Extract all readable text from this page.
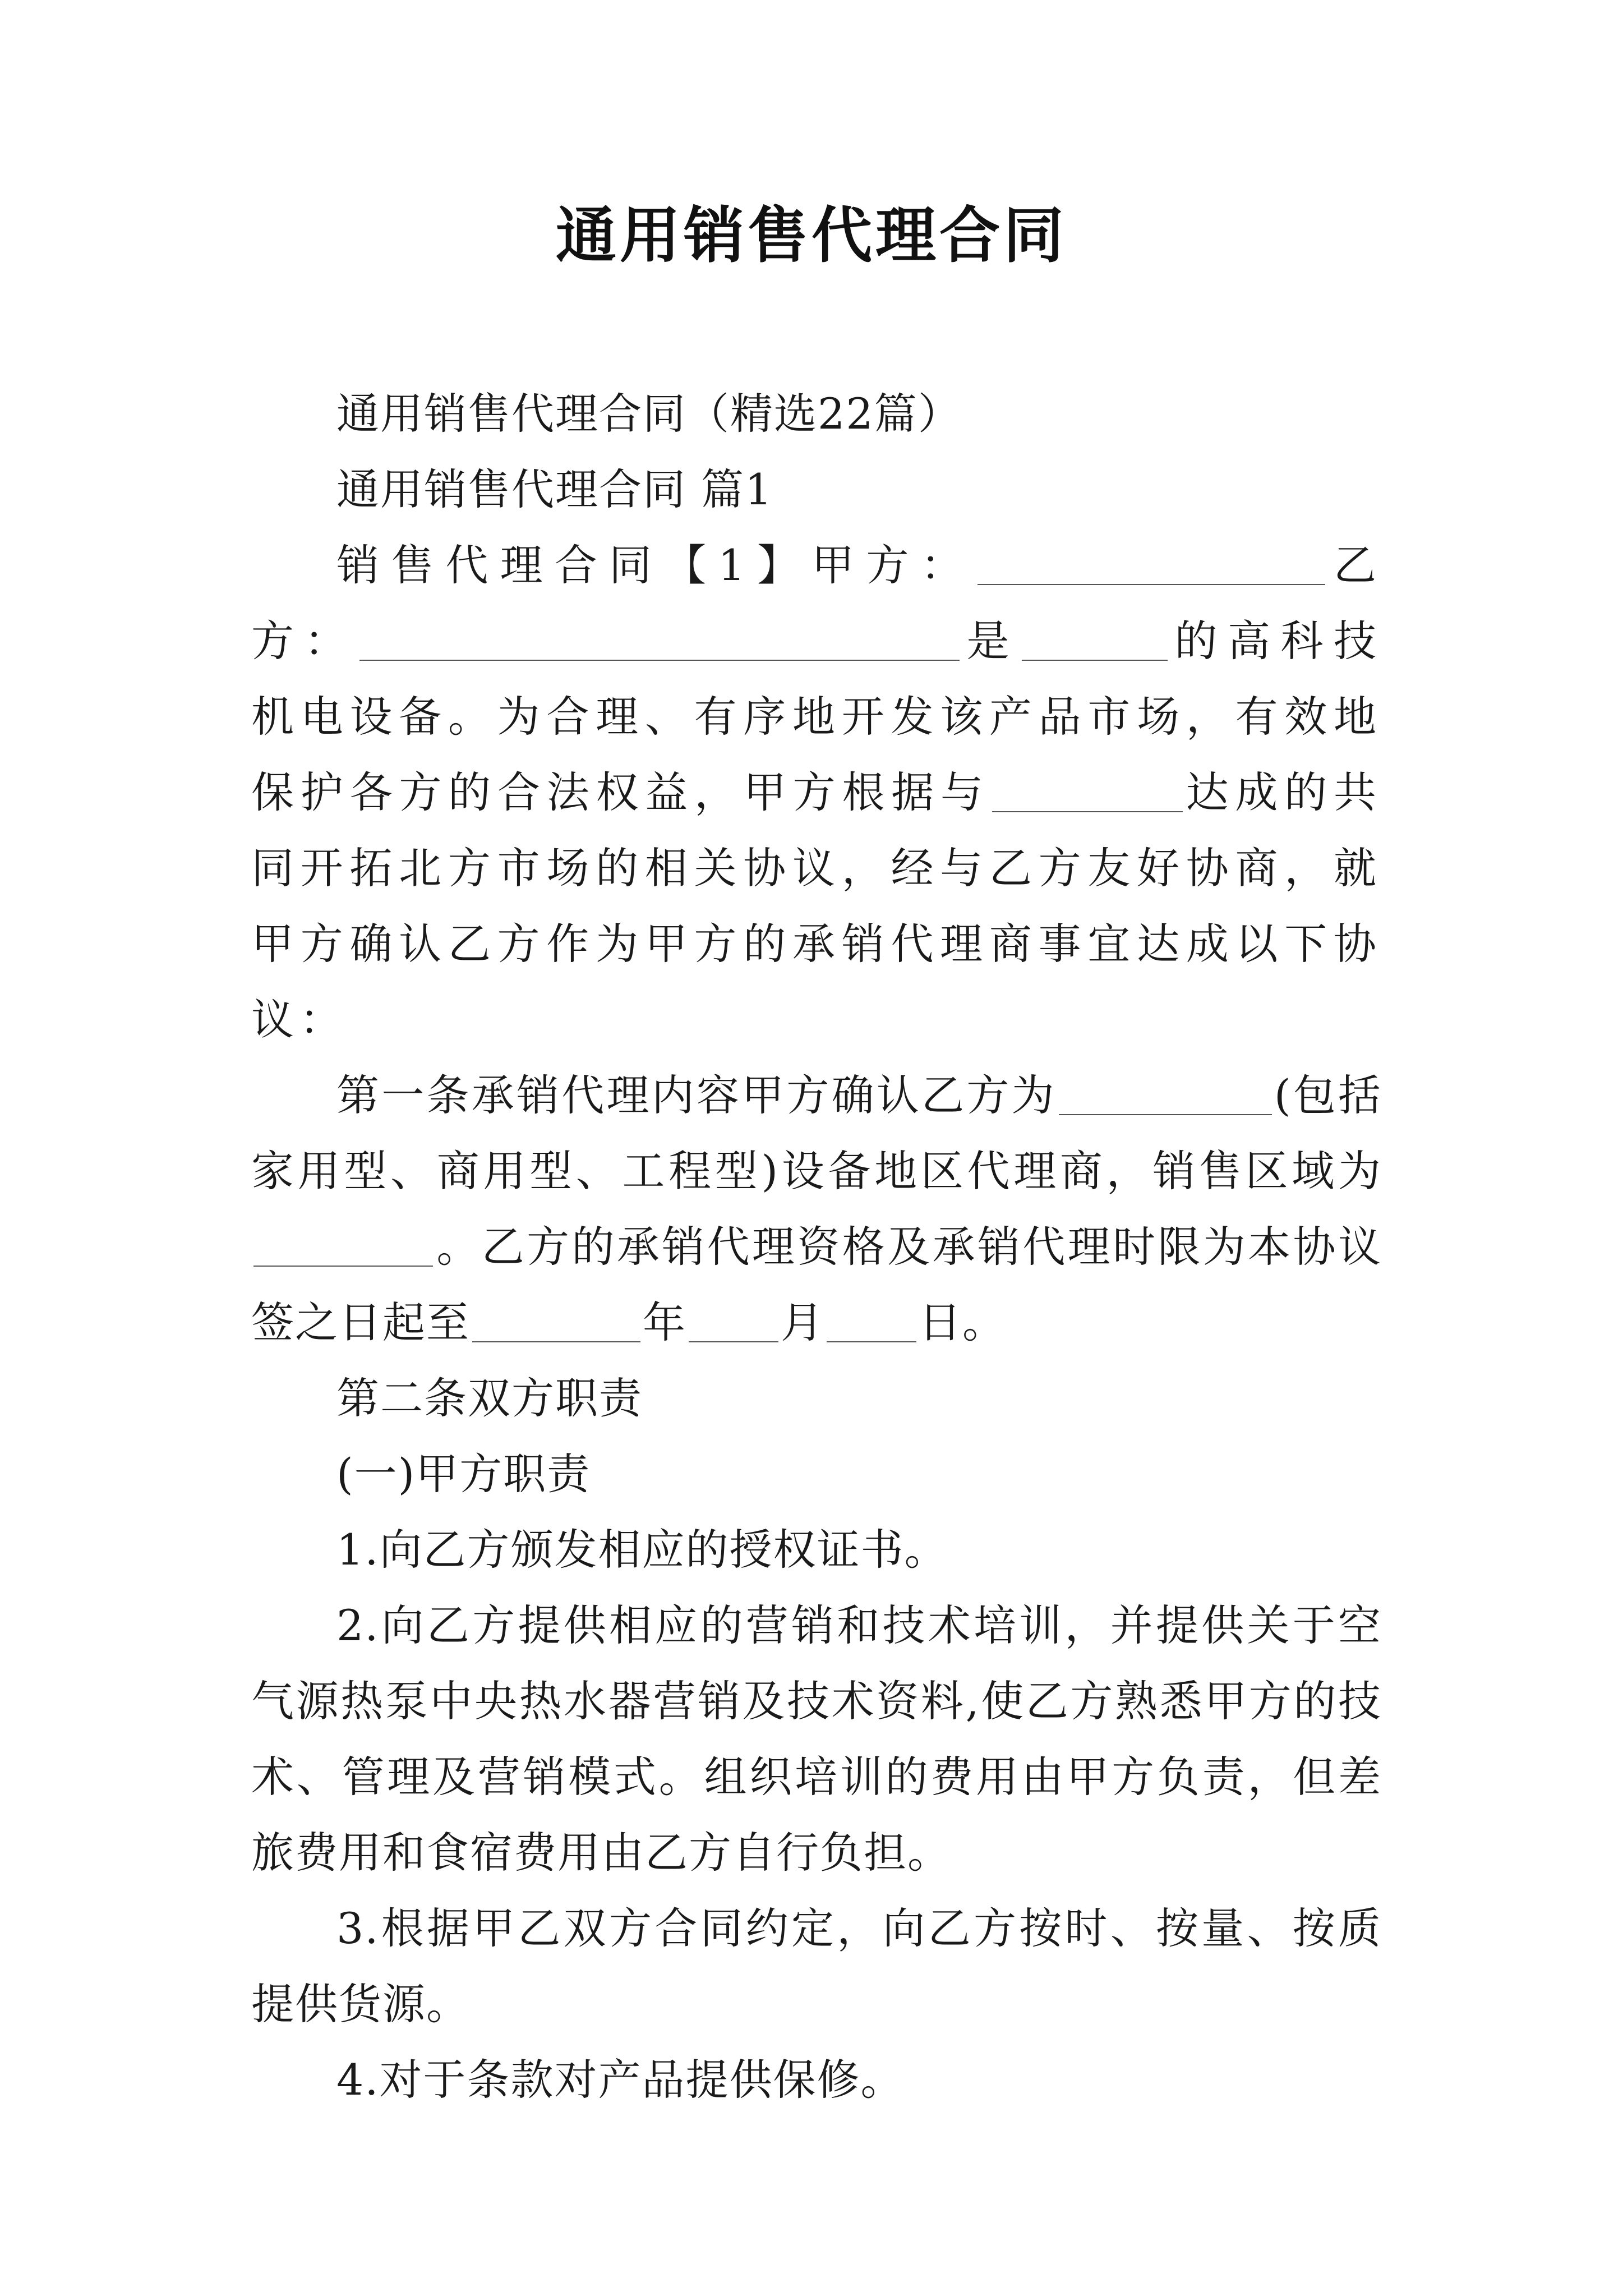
通用销售代理合同

通用销售代理合同（精选22篇）

通用销售代理合同 篇1

销售代理合同【1】甲方：	乙方：	是	的高科技机电设备。为合理、有序地开发该产品市场，有效地保护各方的合法权益，甲方根据与	达成的共同开拓北方市场的相关协议，经与乙方友好协商，就甲方确认乙方作为甲方的承销代理商事宜达成以下协议：

第一条承销代理内容甲方确认乙方为	(包括家用型、商用型、工程型)设备地区代理商，销售区域为。乙方的承销代理资格及承销代理时限为本协议签之日起至	年 月 日。

第二条双方职责

(一)甲方职责

1.向乙方颁发相应的授权证书。

2.向乙方提供相应的营销和技术培训，并提供关于空气源热泵中央热水器营销及技术资料,使乙方熟悉甲方的技术、管理及营销模式。组织培训的费用由甲方负责，但差旅费用和食宿费用由乙方自行负担。

3.根据甲乙双方合同约定，向乙方按时、按量、按质提供货源。

4.对于条款对产品提供保修。
